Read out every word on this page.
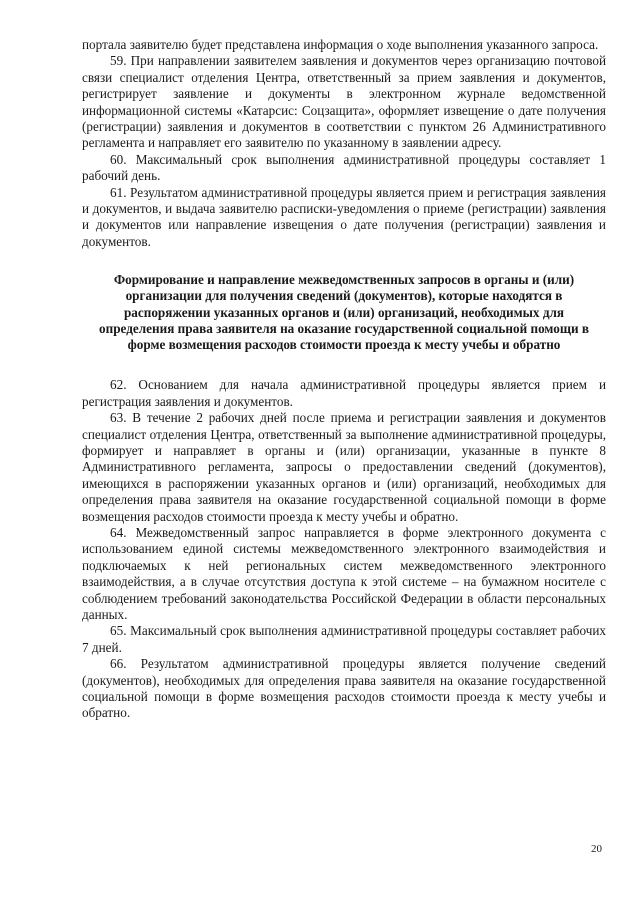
портала заявителю будет представлена информация о ходе выполнения указанного запроса.

59. При направлении заявителем заявления и документов через организацию почтовой связи специалист отделения Центра, ответственный за прием заявления и документов, регистрирует заявление и документы в электронном журнале ведомственной информационной системы «Катарсис: Соцзащита», оформляет извещение о дате получения (регистрации) заявления и документов в соответствии с пунктом 26 Административного регламента и направляет его заявителю по указанному в заявлении адресу.

60. Максимальный срок выполнения административной процедуры составляет 1 рабочий день.

61. Результатом административной процедуры является прием и регистрация заявления и документов, и выдача заявителю расписки-уведомления о приеме (регистрации) заявления и документов или направление извещения о дате получения (регистрации) заявления и документов.

Формирование и направление межведомственных запросов в органы и (или) организации для получения сведений (документов), которые находятся в распоряжении указанных органов и (или) организаций, необходимых для определения права заявителя на оказание государственной социальной помощи в форме возмещения расходов стоимости проезда к месту учебы и обратно

62. Основанием для начала административной процедуры является прием и регистрация заявления и документов.

63. В течение 2 рабочих дней после приема и регистрации заявления и документов специалист отделения Центра, ответственный за выполнение административной процедуры, формирует и направляет в органы и (или) организации, указанные в пункте 8 Административного регламента, запросы о предоставлении сведений (документов), имеющихся в распоряжении указанных органов и (или) организаций, необходимых для определения права заявителя на оказание государственной социальной помощи в форме возмещения расходов стоимости проезда к месту учебы и обратно.

64. Межведомственный запрос направляется в форме электронного документа с использованием единой системы межведомственного электронного взаимодействия и подключаемых к ней региональных систем межведомственного электронного взаимодействия, а в случае отсутствия доступа к этой системе – на бумажном носителе с соблюдением требований законодательства Российской Федерации в области персональных данных.

65. Максимальный срок выполнения административной процедуры составляет рабочих 7 дней.

66. Результатом административной процедуры является получение сведений (документов), необходимых для определения права заявителя на оказание государственной социальной помощи в форме возмещения расходов стоимости проезда к месту учебы и обратно.

20
